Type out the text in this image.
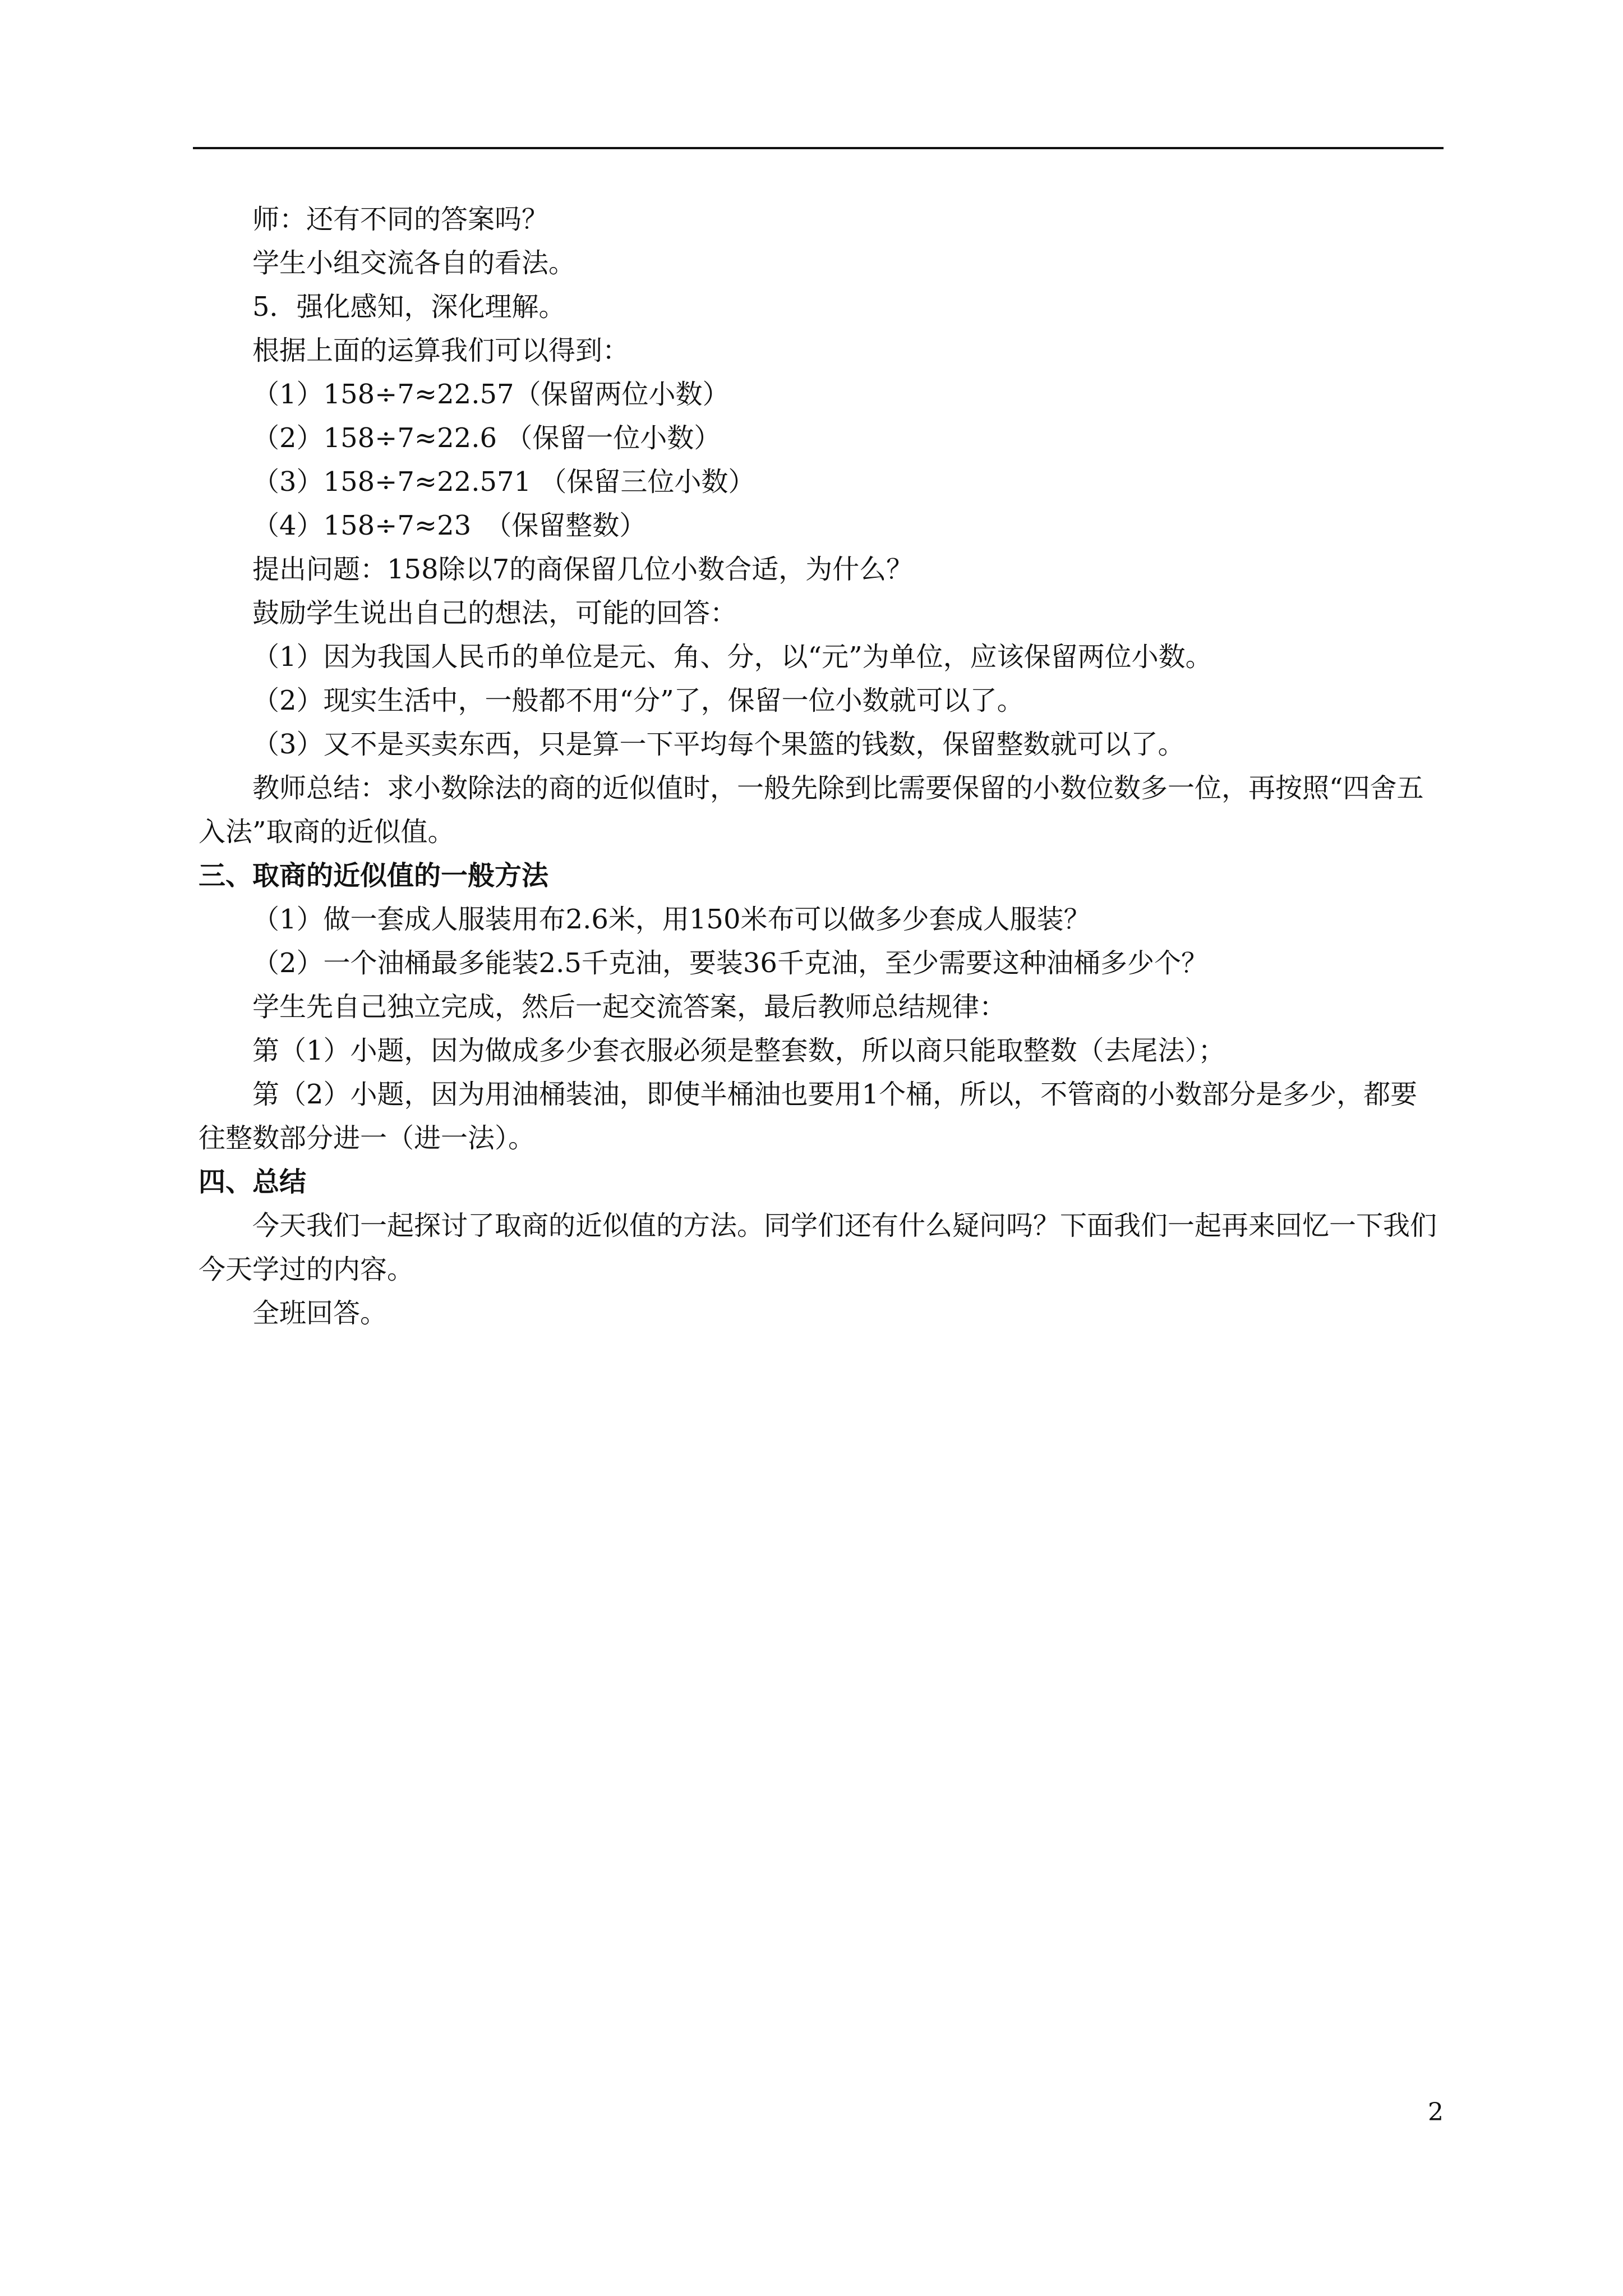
师：还有不同的答案吗？

学生小组交流各自的看法。

5．强化感知，深化理解。

根据上面的运算我们可以得到：

（1）158÷7≈22.57（保留两位小数）

（2）158÷7≈22.6 （保留一位小数）

（3）158÷7≈22.571 （保留三位小数）

（4）158÷7≈23　（保留整数）

提出问题：158除以7的商保留几位小数合适，为什么？

鼓励学生说出自己的想法，可能的回答：

（1）因为我国人民币的单位是元、角、分，以“元”为单位，应该保留两位小数。

（2）现实生活中，一般都不用“分”了，保留一位小数就可以了。

（3）又不是买卖东西，只是算一下平均每个果篮的钱数，保留整数就可以了。

教师总结：求小数除法的商的近似值时，一般先除到比需要保留的小数位数多一位，再按照“四舍五入法”取商的近似值。

三、取商的近似值的一般方法

（1）做一套成人服装用布2.6米，用150米布可以做多少套成人服装？

（2）一个油桶最多能装2.5千克油，要装36千克油，至少需要这种油桶多少个？

学生先自己独立完成，然后一起交流答案，最后教师总结规律：

第（1）小题，因为做成多少套衣服必须是整套数，所以商只能取整数（去尾法）；

第（2）小题，因为用油桶装油，即使半桶油也要用1个桶，所以，不管商的小数部分是多少，都要往整数部分进一（进一法）。

四、总结

今天我们一起探讨了取商的近似值的方法。同学们还有什么疑问吗？下面我们一起再来回忆一下我们今天学过的内容。

全班回答。

2
